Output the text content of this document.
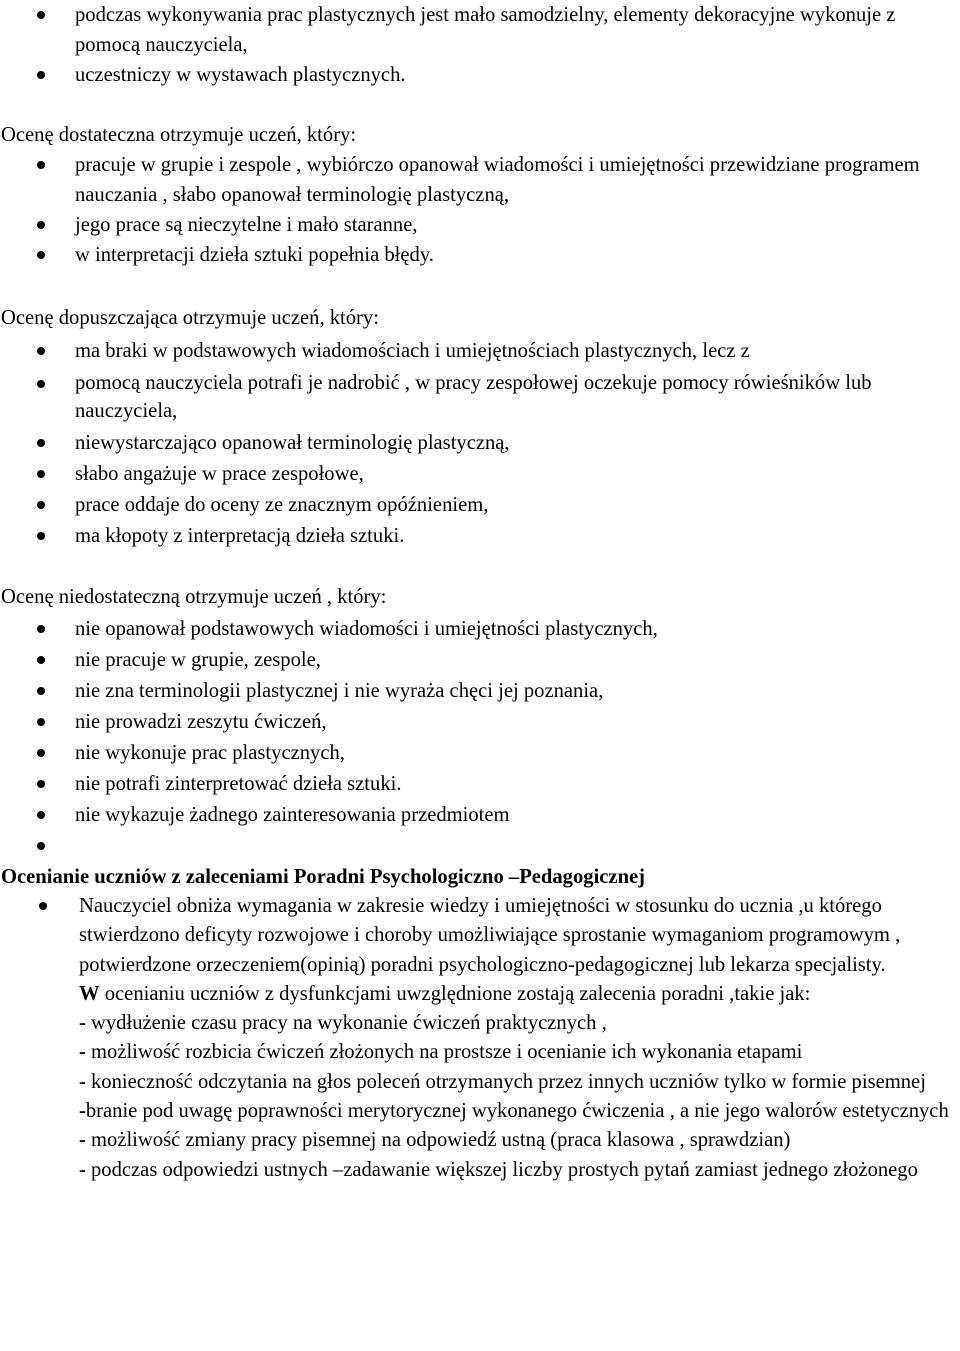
podczas wykonywania prac plastycznych jest mało samodzielny, elementy dekoracyjne wykonuje z pomocą nauczyciela,
uczestniczy w wystawach plastycznych.

Ocenę dostateczna otrzymuje uczeń, który:

pracuje w grupie i zespole , wybiórczo opanował wiadomości i umiejętności przewidziane programem nauczania , słabo opanował terminologię plastyczną,
jego prace są nieczytelne i mało staranne,
w interpretacji dzieła sztuki popełnia błędy.

Ocenę dopuszczająca otrzymuje uczeń, który:

ma braki w podstawowych wiadomościach i umiejętnościach plastycznych, lecz z
pomocą nauczyciela potrafi je nadrobić , w pracy zespołowej oczekuje pomocy rówieśników lub nauczyciela,
niewystarczająco opanował terminologię plastyczną,
słabo angażuje w prace zespołowe,
prace oddaje do oceny ze znacznym opóźnieniem,
ma kłopoty z interpretacją dzieła sztuki.

Ocenę niedostateczną otrzymuje uczeń , który:

nie opanował podstawowych wiadomości i umiejętności plastycznych,
nie pracuje w grupie, zespole,
nie zna terminologii plastycznej i nie wyraża chęci jej poznania,
nie prowadzi zeszytu ćwiczeń,
nie wykonuje prac plastycznych,
nie potrafi zinterpretować dzieła sztuki.
nie wykazuje żadnego zainteresowania przedmiotem

Ocenianie uczniów z zaleceniami Poradni Psychologiczno –Pedagogicznej

Nauczyciel obniża wymagania w zakresie wiedzy i umiejętności w stosunku do ucznia ,u którego stwierdzono deficyty rozwojowe i choroby umożliwiające sprostanie wymaganiom programowym , potwierdzone orzeczeniem(opinią) poradni psychologiczno-pedagogicznej lub lekarza specjalisty.
W ocenianiu uczniów z dysfunkcjami uwzględnione zostają zalecenia poradni ,takie jak:
- wydłużenie czasu pracy na wykonanie ćwiczeń praktycznych ,
- możliwość rozbicia ćwiczeń złożonych na prostsze i ocenianie ich wykonania etapami
- konieczność odczytania na głos poleceń otrzymanych przez innych uczniów tylko w formie pisemnej
-branie pod uwagę poprawności merytorycznej wykonanego ćwiczenia , a nie jego walorów estetycznych
- możliwość zmiany pracy pisemnej na odpowiedź ustną (praca klasowa , sprawdzian)
- podczas odpowiedzi ustnych –zadawanie większej liczby prostych pytań zamiast jednego złożonego
